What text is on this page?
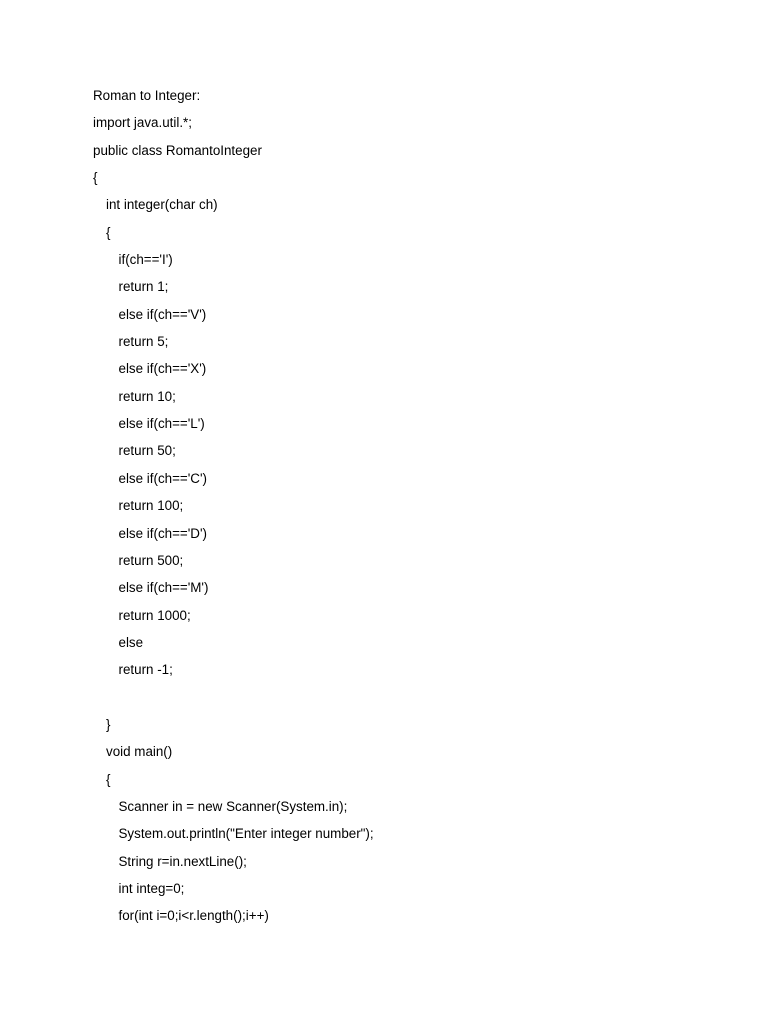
Roman to Integer:
import java.util.*;
public class RomantoInteger
{
int integer(char ch)
{
if(ch=='I')
return 1;
else if(ch=='V')
return 5;
else if(ch=='X')
return 10;
else if(ch=='L')
return 50;
else if(ch=='C')
return 100;
else if(ch=='D')
return 500;
else if(ch=='M')
return 1000;
else
return -1;
}
void main()
{
Scanner in = new Scanner(System.in);
System.out.println("Enter integer number");
String r=in.nextLine();
int integ=0;
for(int i=0;i<r.length();i++)
